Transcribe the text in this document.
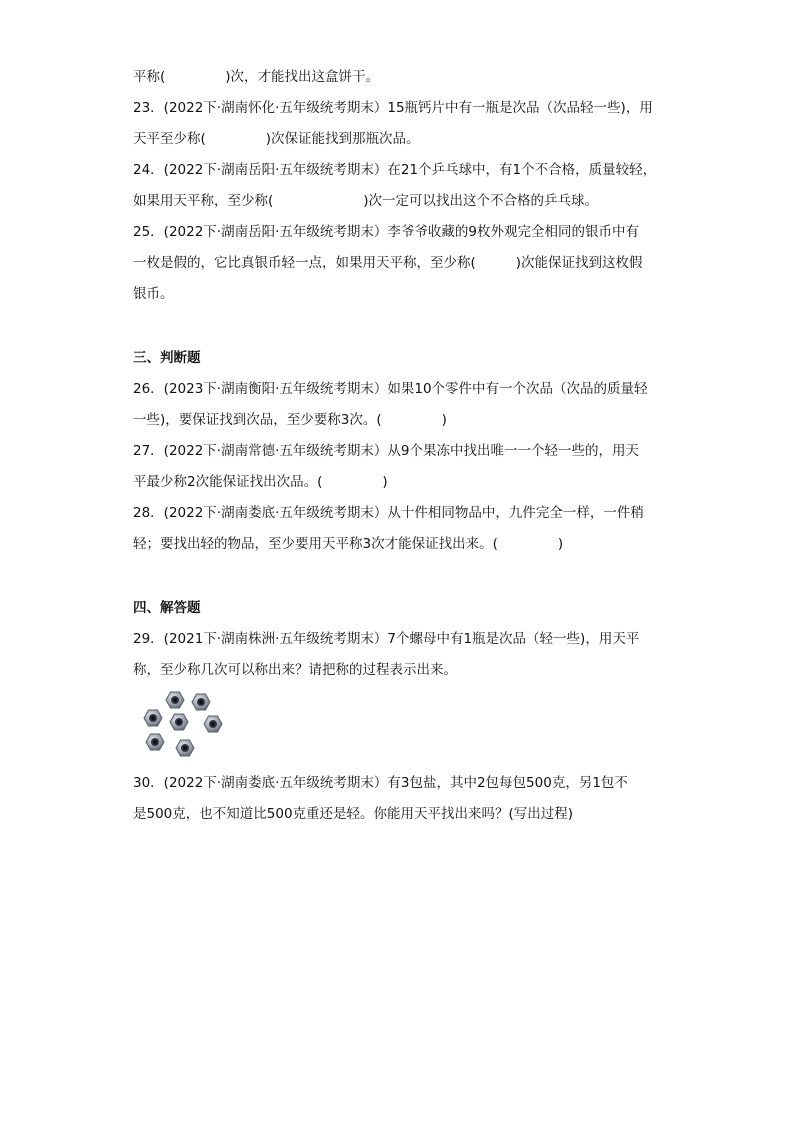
平称(	)次，才能找出这盒饼干。
23．(2022下·湖南怀化·五年级统考期末）15瓶钙片中有一瓶是次品（次品轻一些)，用
天平至少称(	)次保证能找到那瓶次品。
24．(2022下·湖南岳阳·五年级统考期末）在21个乒乓球中，有1个不合格，质量较轻，
如果用天平称，至少称(	)次一定可以找出这个不合格的乒乓球。
25．(2022下·湖南岳阳·五年级统考期末）李爷爷收藏的9枚外观完全相同的银币中有
一枚是假的，它比真银币轻一点，如果用天平称，至少称(	)次能保证找到这枚假
银币。
三、判断题
26．(2023下·湖南衡阳·五年级统考期末）如果10个零件中有一个次品（次品的质量轻
一些)，要保证找到次品，至少要称3次。(	)
27．(2022下·湖南常德·五年级统考期末）从9个果冻中找出唯一一个轻一些的，用天
平最少称2次能保证找出次品。(	)
28．(2022下·湖南娄底·五年级统考期末）从十件相同物品中，九件完全一样，一件稍
轻；要找出轻的物品，至少要用天平称3次才能保证找出来。(	)
四、解答题
29．(2021下·湖南株洲·五年级统考期末）7个螺母中有1瓶是次品（轻一些)，用天平
称，至少称几次可以称出来？请把称的过程表示出来。
30．(2022下·湖南娄底·五年级统考期末）有3包盐，其中2包每包500克，另1包不
是500克，也不知道比500克重还是轻。你能用天平找出来吗？(写出过程)
